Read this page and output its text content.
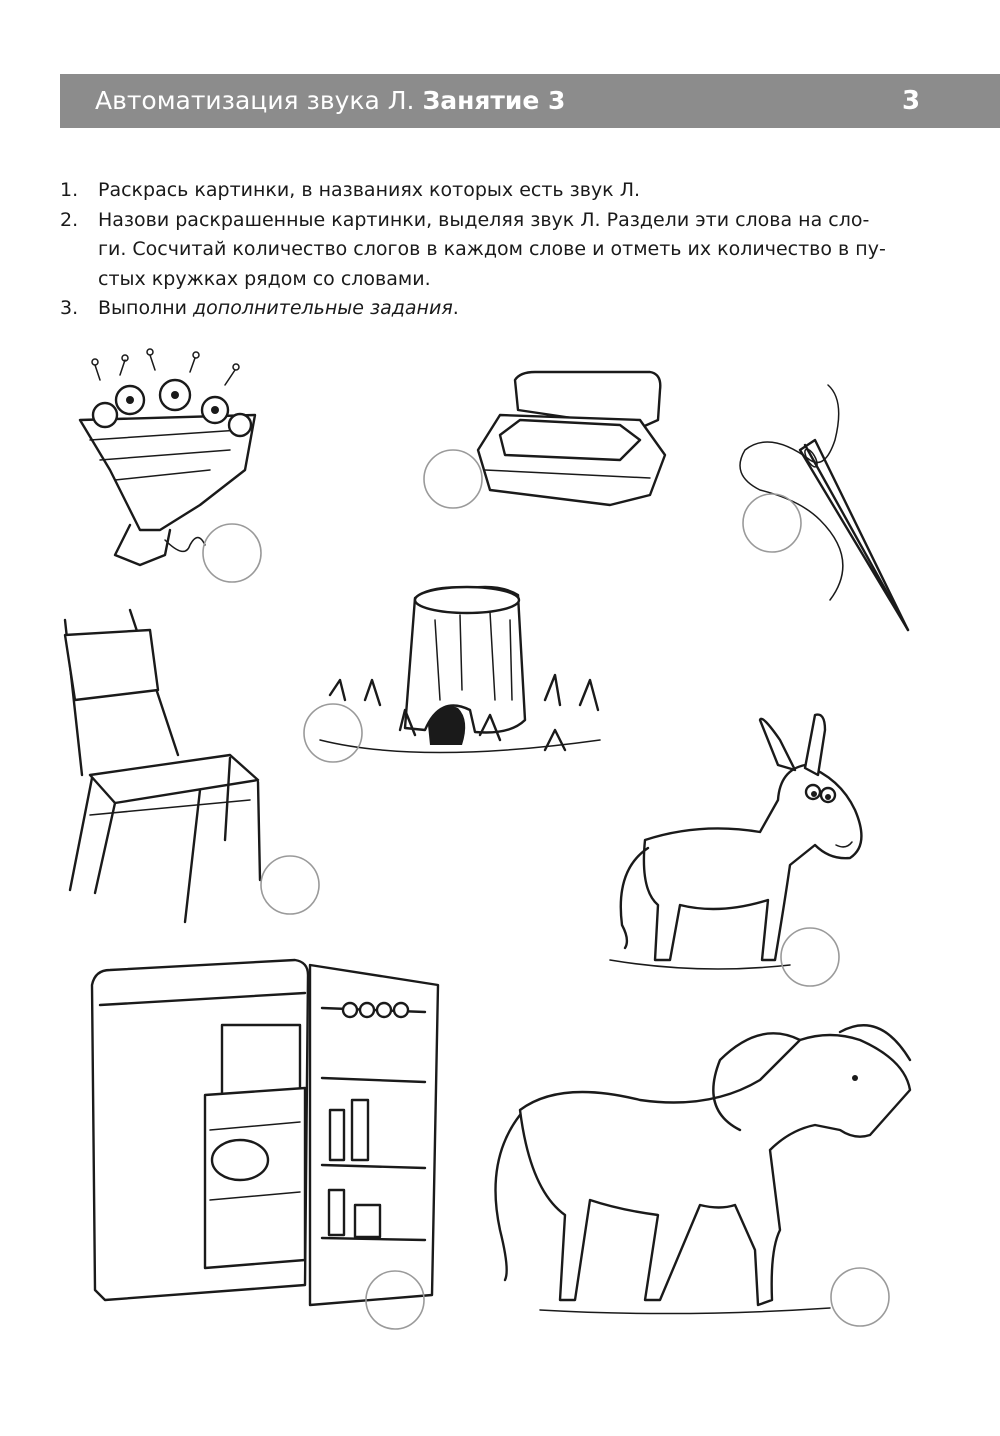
Автоматизация звука Л. Занятие 3	3
1. Раскрась картинки, в названиях которых есть звук Л.
2. Назови раскрашенные картинки, выделяя звук Л. Раздели эти слова на сло-
ги. Сосчитай количество слогов в каждом слове и отметь их количество в пу-
стых кружках рядом со словами.
3. Выполни дополнительные задания.
